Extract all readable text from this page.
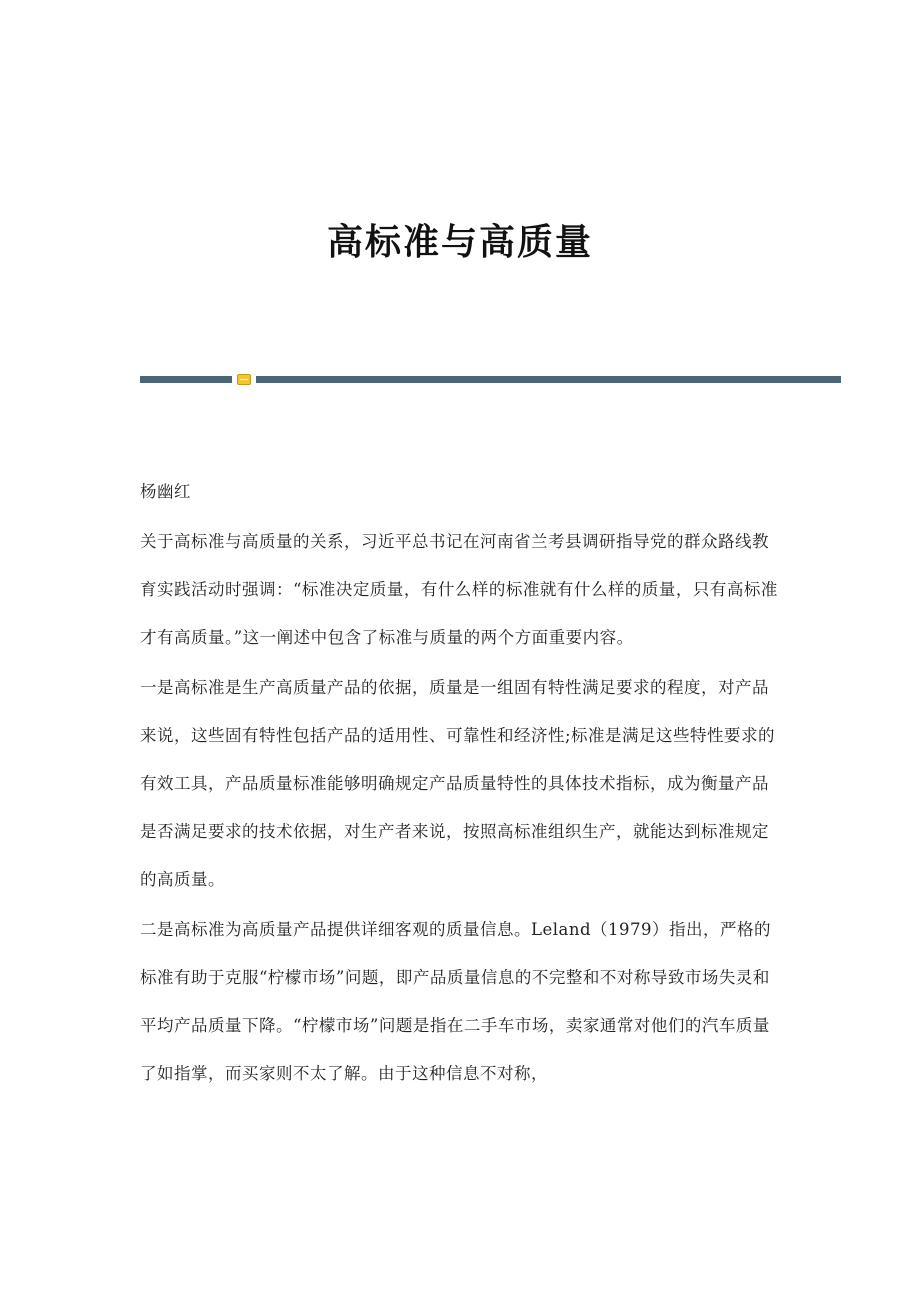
高标准与高质量

杨幽红

关于高标准与高质量的关系，习近平总书记在河南省兰考县调研指导党的群众路线教育实践活动时强调：“标准决定质量，有什么样的标准就有什么样的质量，只有高标准才有高质量。”这一阐述中包含了标准与质量的两个方面重要内容。

一是高标准是生产高质量产品的依据，质量是一组固有特性满足要求的程度，对产品来说，这些固有特性包括产品的适用性、可靠性和经济性;标准是满足这些特性要求的有效工具，产品质量标准能够明确规定产品质量特性的具体技术指标，成为衡量产品是否满足要求的技术依据，对生产者来说，按照高标准组织生产，就能达到标准规定的高质量。

二是高标准为高质量产品提供详细客观的质量信息。Leland（1979）指出，严格的标准有助于克服“柠檬市场”问题，即产品质量信息的不完整和不对称导致市场失灵和平均产品质量下降。“柠檬市场”问题是指在二手车市场，卖家通常对他们的汽车质量了如指掌，而买家则不太了解。由于这种信息不对称，
